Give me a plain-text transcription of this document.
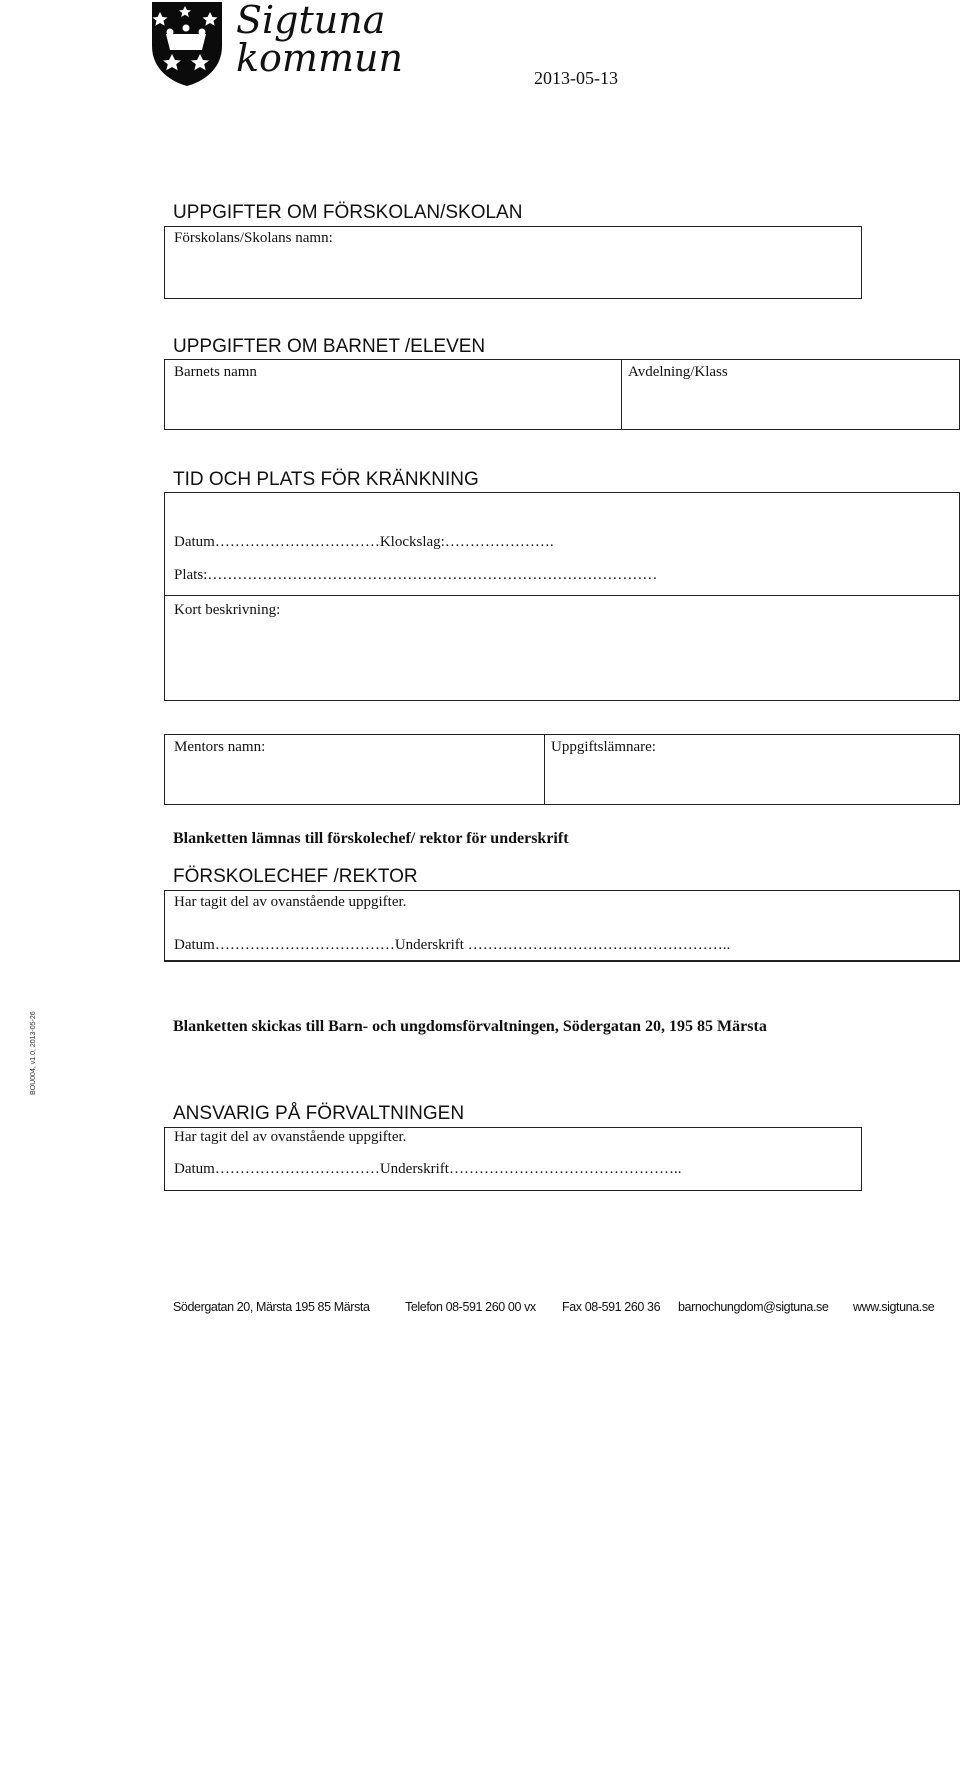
Sigtuna
kommun	2013-05-13
UPPGIFTER OM FÖRSKOLAN/SKOLAN
Förskolans/Skolans namn:
UPPGIFTER OM BARNET /ELEVEN
Barnets namn	Avdelning/Klass
TID OCH PLATS FÖR KRÄNKNING
Datum……………………………Klockslag:………………….
Plats:………………………………………………………………………………
Kort beskrivning:
Mentors namn:	Uppgiftslämnare:
Blanketten lämnas till förskolechef/ rektor för underskrift
FÖRSKOLECHEF /REKTOR
Har tagit del av ovanstående uppgifter.
Datum………………………………Underskrift ……………………………………………..
Blanketten skickas till Barn- och ungdomsförvaltningen, Södergatan 20, 195 85 Märsta
BOU004, v1.0, 2013-05-26
ANSVARIG PÅ FÖRVALTNINGEN
Har tagit del av ovanstående uppgifter.
Datum……………………………Underskrift………………………………………..
Södergatan 20, Märsta 195 85 Märsta	Telefon 08-591 260 00 vx Fax 08-591 260 36 barnochungdom@sigtuna.se www.sigtuna.se
